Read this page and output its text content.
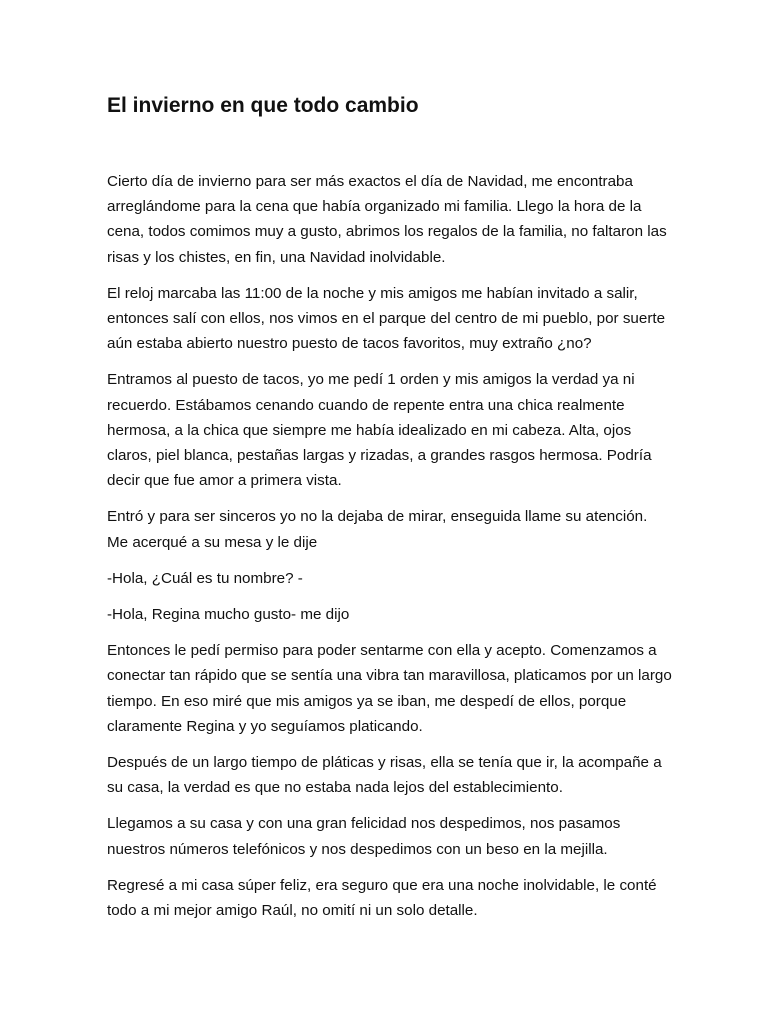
El invierno en que todo cambio

Cierto día de invierno para ser más exactos el día de Navidad, me encontraba arreglándome para la cena que había organizado mi familia. Llego la hora de la cena, todos comimos muy a gusto, abrimos los regalos de la familia, no faltaron las risas y los chistes, en fin, una Navidad inolvidable.

El reloj marcaba las 11:00 de la noche y mis amigos me habían invitado a salir, entonces salí con ellos, nos vimos en el parque del centro de mi pueblo, por suerte aún estaba abierto nuestro puesto de tacos favoritos, muy extraño ¿no?

Entramos al puesto de tacos, yo me pedí 1 orden y mis amigos la verdad ya ni recuerdo. Estábamos cenando cuando de repente entra una chica realmente hermosa, a la chica que siempre me había idealizado en mi cabeza. Alta, ojos claros, piel blanca, pestañas largas y rizadas, a grandes rasgos hermosa. Podría decir que fue amor a primera vista.

Entró y para ser sinceros yo no la dejaba de mirar, enseguida llame su atención. Me acerqué a su mesa y le dije

-Hola, ¿Cuál es tu nombre? -

-Hola, Regina mucho gusto- me dijo

Entonces le pedí permiso para poder sentarme con ella y acepto. Comenzamos a conectar tan rápido que se sentía una vibra tan maravillosa, platicamos por un largo tiempo. En eso miré que mis amigos ya se iban, me despedí de ellos, porque claramente Regina y yo seguíamos platicando.

Después de un largo tiempo de pláticas y risas, ella se tenía que ir, la acompañe a su casa, la verdad es que no estaba nada lejos del establecimiento.

Llegamos a su casa y con una gran felicidad nos despedimos, nos pasamos nuestros números telefónicos y nos despedimos con un beso en la mejilla.

Regresé a mi casa súper feliz, era seguro que era una noche inolvidable, le conté todo a mi mejor amigo Raúl, no omití ni un solo detalle.
